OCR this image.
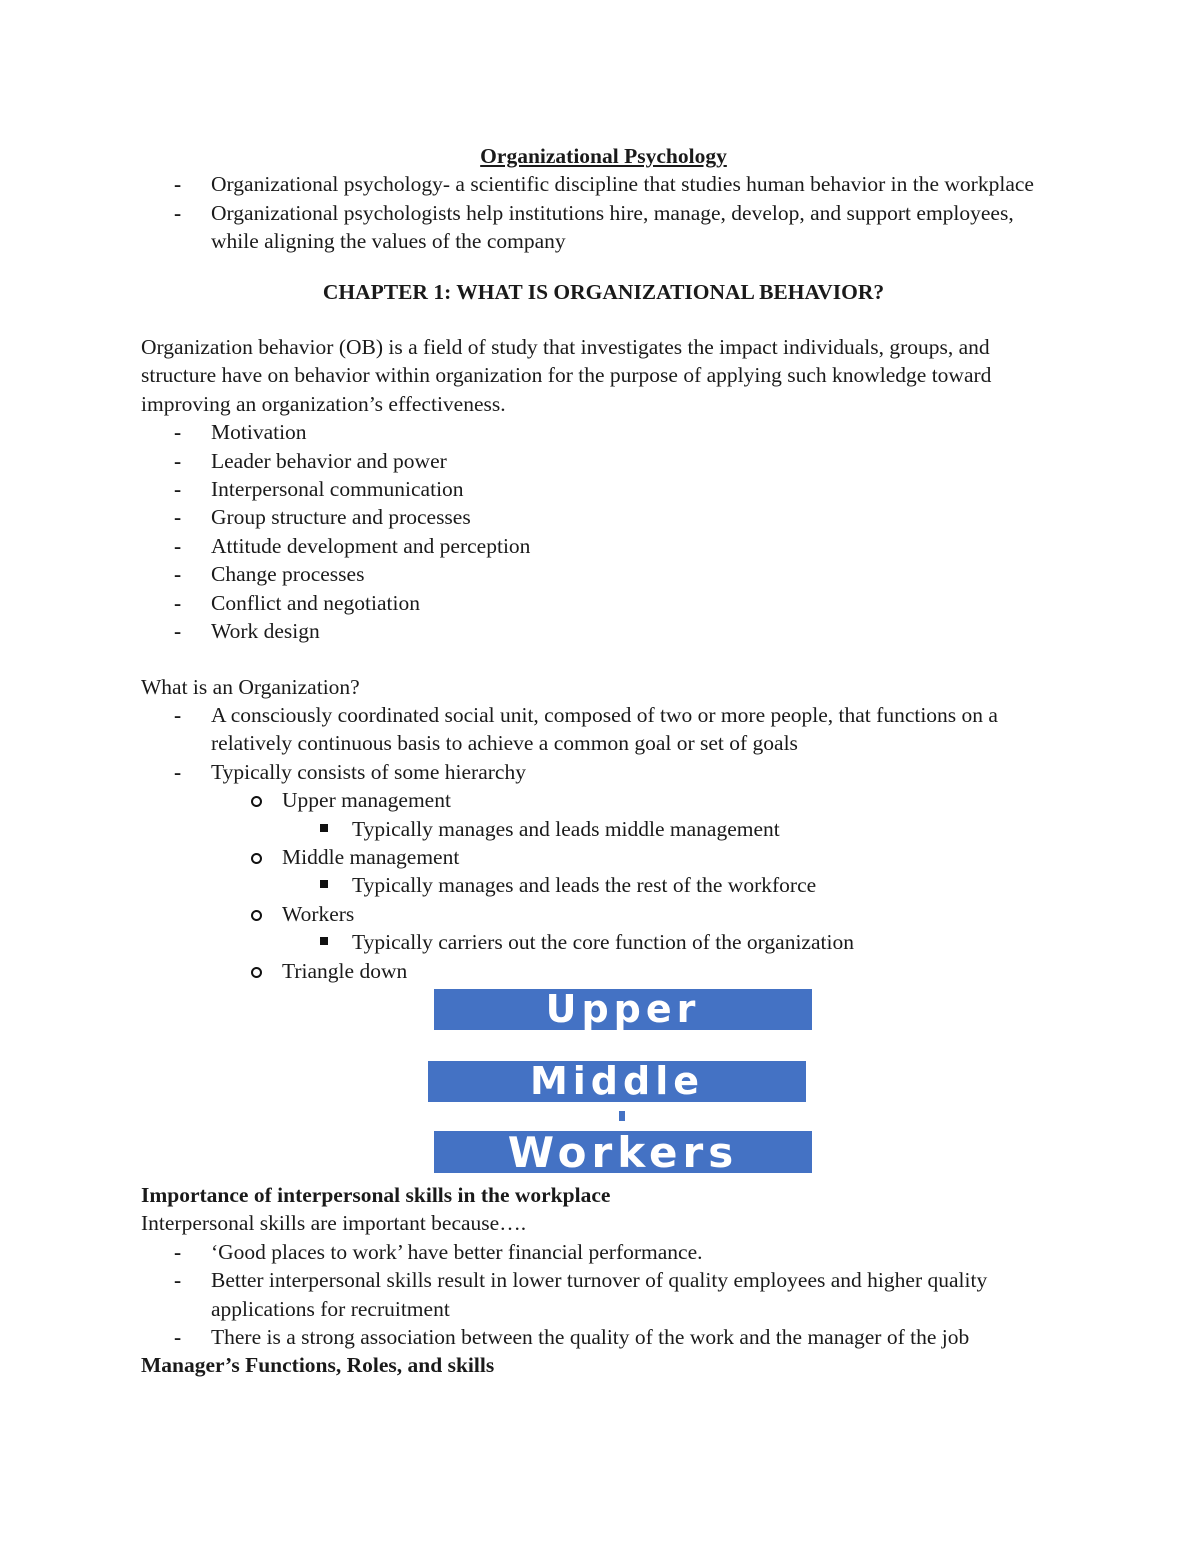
Organizational Psychology

- Organizational psychology- a scientific discipline that studies human behavior in the workplace
- Organizational psychologists help institutions hire, manage, develop, and support employees, while aligning the values of the company

CHAPTER 1: WHAT IS ORGANIZATIONAL BEHAVIOR?

Organization behavior (OB) is a field of study that investigates the impact individuals, groups, and structure have on behavior within organization for the purpose of applying such knowledge toward improving an organization’s effectiveness.

- Motivation
- Leader behavior and power
- Interpersonal communication
- Group structure and processes
- Attitude development and perception
- Change processes
- Conflict and negotiation
- Work design

What is an Organization?

- A consciously coordinated social unit, composed of two or more people, that functions on a relatively continuous basis to achieve a common goal or set of goals
- Typically consists of some hierarchy
Upper management
Typically manages and leads middle management
Middle management
Typically manages and leads the rest of the workforce
Workers
Typically carriers out the core function of the organization
Triangle down
Upper
Middle
Workers

Importance of interpersonal skills in the workplace

Interpersonal skills are important because….

- ‘Good places to work’ have better financial performance.
- Better interpersonal skills result in lower turnover of quality employees and higher quality applications for recruitment
- There is a strong association between the quality of the work and the manager of the job

Manager’s Functions, Roles, and skills
